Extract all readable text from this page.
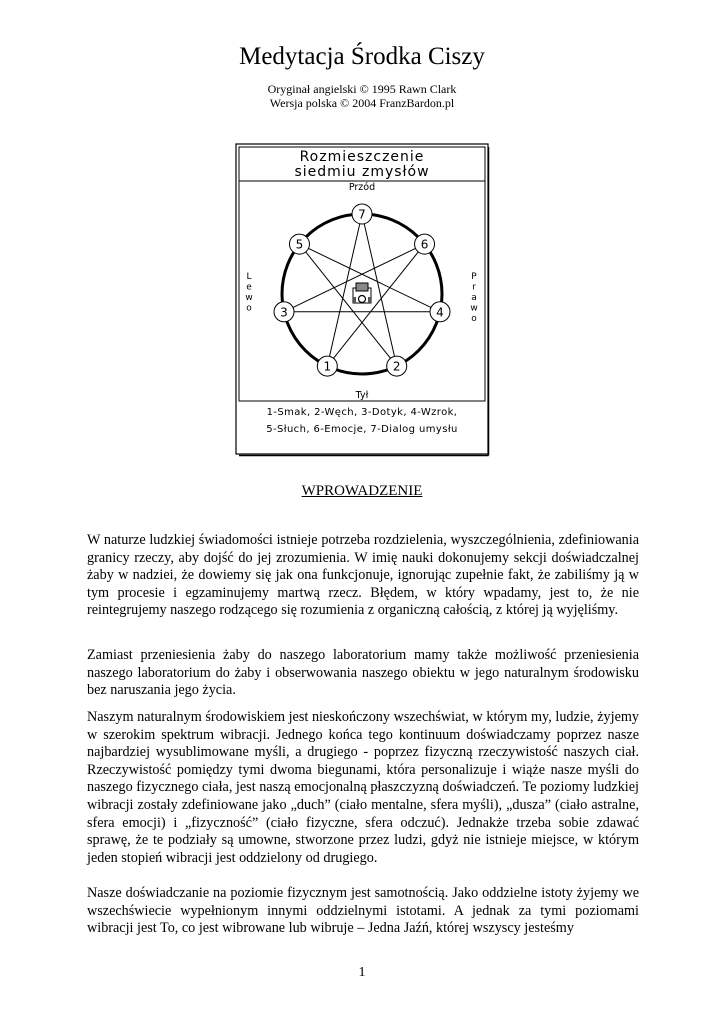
Medytacja Środka Ciszy
Oryginał angielski © 1995 Rawn Clark
Wersja polska © 2004 FranzBardon.pl
Rozmieszczenie
siedmiu zmysłów
Przód
Tył
L
e
w
o
P
r
a
w
o
7
6
4
2
1
3
5
1-Smak, 2-Węch, 3-Dotyk, 4-Wzrok,
5-Słuch, 6-Emocje, 7-Dialog umysłu
WPROWADZENIE

W naturze ludzkiej świadomości istnieje potrzeba rozdzielenia, wyszczególnienia, zdefiniowania granicy rzeczy, aby dojść do jej zrozumienia. W imię nauki dokonujemy sekcji doświadczalnej żaby w nadziei, że dowiemy się jak ona funkcjonuje, ignorując zupełnie fakt, że zabiliśmy ją w tym procesie i egzaminujemy martwą rzecz. Błędem, w który wpadamy, jest to, że nie reintegrujemy naszego rodzącego się rozumienia z organiczną całością, z której ją wyjęliśmy.

Zamiast przeniesienia żaby do naszego laboratorium mamy także możliwość przeniesienia naszego laboratorium do żaby i obserwowania naszego obiektu w jego naturalnym środowisku bez naruszania jego życia.

Naszym naturalnym środowiskiem jest nieskończony wszechświat, w którym my, ludzie, żyjemy w szerokim spektrum wibracji. Jednego końca tego kontinuum doświadczamy poprzez nasze najbardziej wysublimowane myśli, a drugiego - poprzez fizyczną rzeczywistość naszych ciał. Rzeczywistość pomiędzy tymi dwoma biegunami, która personalizuje i wiąże nasze myśli do naszego fizycznego ciała, jest naszą emocjonalną płaszczyzną doświadczeń. Te poziomy ludzkiej wibracji zostały zdefiniowane jako „duch” (ciało mentalne, sfera myśli), „dusza” (ciało astralne, sfera emocji) i „fizyczność” (ciało fizyczne, sfera odczuć). Jednakże trzeba sobie zdawać sprawę, że te podziały są umowne, stworzone przez ludzi, gdyż nie istnieje miejsce, w którym jeden stopień wibracji jest oddzielony od drugiego.

Nasze doświadczanie na poziomie fizycznym jest samotnością. Jako oddzielne istoty żyjemy we wszechświecie wypełnionym innymi oddzielnymi istotami. A jednak za tymi poziomami wibracji jest To, co jest wibrowane lub wibruje – Jedna Jaźń, której wszyscy jesteśmy

1
